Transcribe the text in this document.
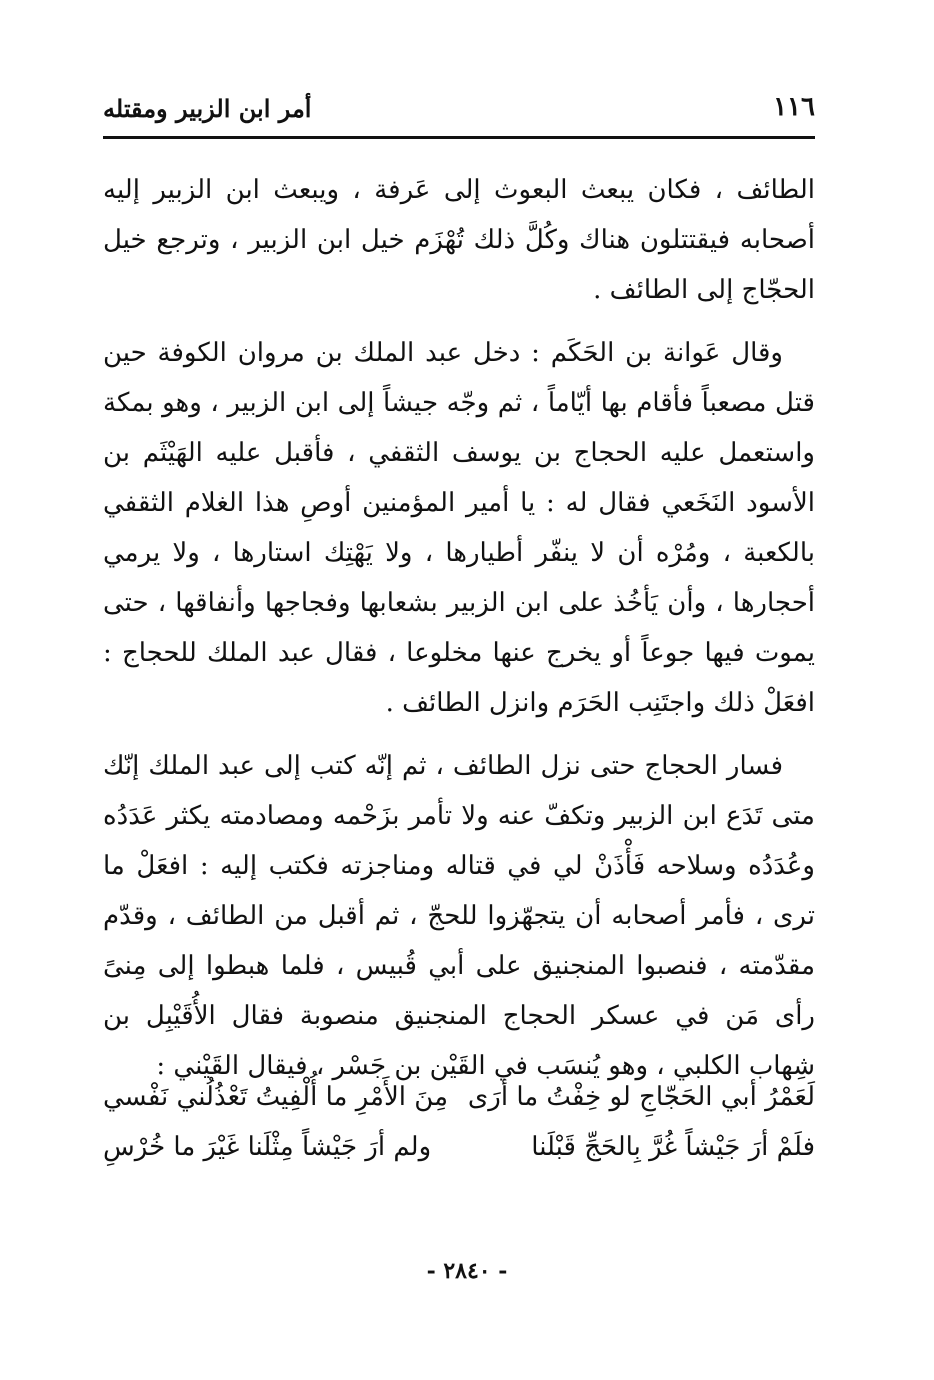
١١٦
أمر ابن الزبير ومقتله

الطائف ، فكان يبعث البعوث إلى عَرفة ، ويبعث ابن الزبير إليه أصحابه فيقتتلون هناك وكُلَّ ذلك تُهْزَم خيل ابن الزبير ، وترجع خيل الحجّاج إلى الطائف .

وقال عَوانة بن الحَكَم : دخل عبد الملك بن مروان الكوفة حين قتل مصعباً فأقام بها أيّاماً ، ثم وجّه جيشاً إلى ابن الزبير ، وهو بمكة واستعمل عليه الحجاج بن يوسف الثقفي ، فأقبل عليه الهَيْثَم بن الأسود النَخَعي فقال له : يا أمير المؤمنين أوصِ هذا الغلام الثقفي بالكعبة ، ومُرْه أن لا ينفّر أطيارها ، ولا يَهْتِك استارها ، ولا يرمي أحجارها ، وأن يَأخُذ على ابن الزبير بشعابها وفجاجها وأنفاقها ، حتى يموت فيها جوعاً أو يخرج عنها مخلوعا ، فقال عبد الملك للحجاج : افعَلْ ذلك واجتَنِب الحَرَم وانزل الطائف .

فسار الحجاج حتى نزل الطائف ، ثم إنّه كتب إلى عبد الملك إنّك متى تَدَع ابن الزبير وتكفّ عنه ولا تأمر بزَحْمه ومصادمته يكثر عَدَدُه وعُدَدُه وسلاحه فَأْذَنْ لي في قتاله ومناجزته فكتب إليه : افعَلْ ما ترى ، فأمر أصحابه أن يتجهّزوا للحجّ ، ثم أقبل من الطائف ، وقدّم مقدّمته ، فنصبوا المنجنيق على أبي قُبيس ، فلما هبطوا إلى مِنىً رأى مَن في عسكر الحجاج المنجنيق منصوبة فقال الأُقَيْبِل بن شِهاب الكلبي ، وهو يُنسَب في القَيْن بن جَسْر ، فيقال القَيْني :

لَعَمْرُ أبي الحَجّاجِ لو خِفْتُ ما أرَى
مِنَ الأَمْرِ ما أُلْفِيتُ تَعْذُلُني نَفْسي
فلَمْ أرَ جَيْشاً غُرَّ بِالحَجِّ قَبْلَنا
ولم أرَ جَيْشاً مِثْلَنا غَيْرَ ما خُرْسِ
- ٢٨٤٠ -
